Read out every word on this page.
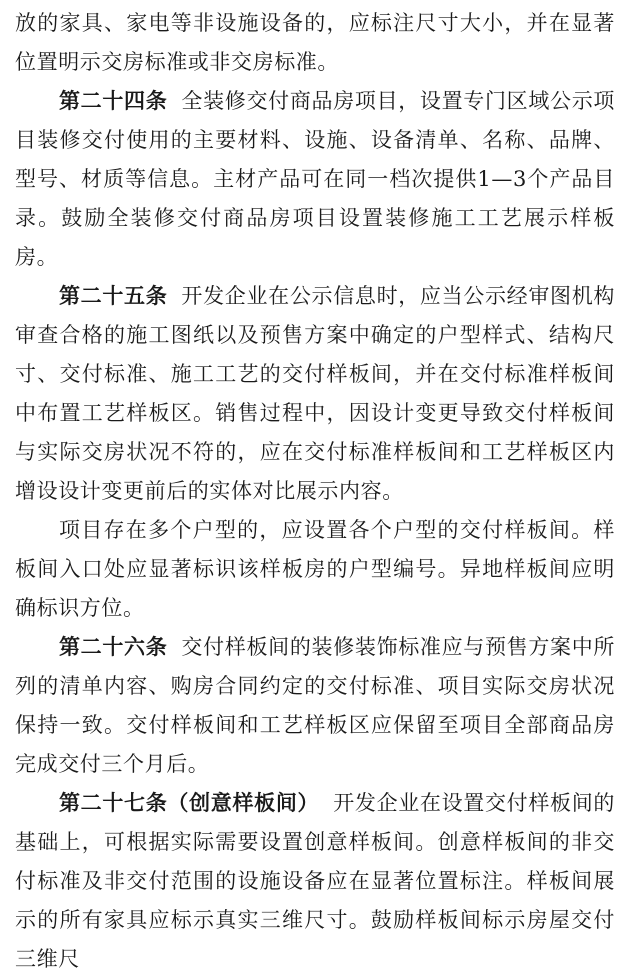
放的家具、家电等非设施设备的，应标注尺寸大小，并在显著位置明示交房标准或非交房标准。

第二十四条 全装修交付商品房项目，设置专门区域公示项目装修交付使用的主要材料、设施、设备清单、名称、品牌、型号、材质等信息。主材产品可在同一档次提供1—3个产品目录。鼓励全装修交付商品房项目设置装修施工工艺展示样板房。

第二十五条 开发企业在公示信息时，应当公示经审图机构审查合格的施工图纸以及预售方案中确定的户型样式、结构尺寸、交付标准、施工工艺的交付样板间，并在交付标准样板间中布置工艺样板区。销售过程中，因设计变更导致交付样板间与实际交房状况不符的，应在交付标准样板间和工艺样板区内增设设计变更前后的实体对比展示内容。

项目存在多个户型的，应设置各个户型的交付样板间。样板间入口处应显著标识该样板房的户型编号。异地样板间应明确标识方位。

第二十六条 交付样板间的装修装饰标准应与预售方案中所列的清单内容、购房合同约定的交付标准、项目实际交房状况保持一致。交付样板间和工艺样板区应保留至项目全部商品房完成交付三个月后。

第二十七条（创意样板间） 开发企业在设置交付样板间的基础上，可根据实际需要设置创意样板间。创意样板间的非交付标准及非交付范围的设施设备应在显著位置标注。样板间展示的所有家具应标示真实三维尺寸。鼓励样板间标示房屋交付三维尺
